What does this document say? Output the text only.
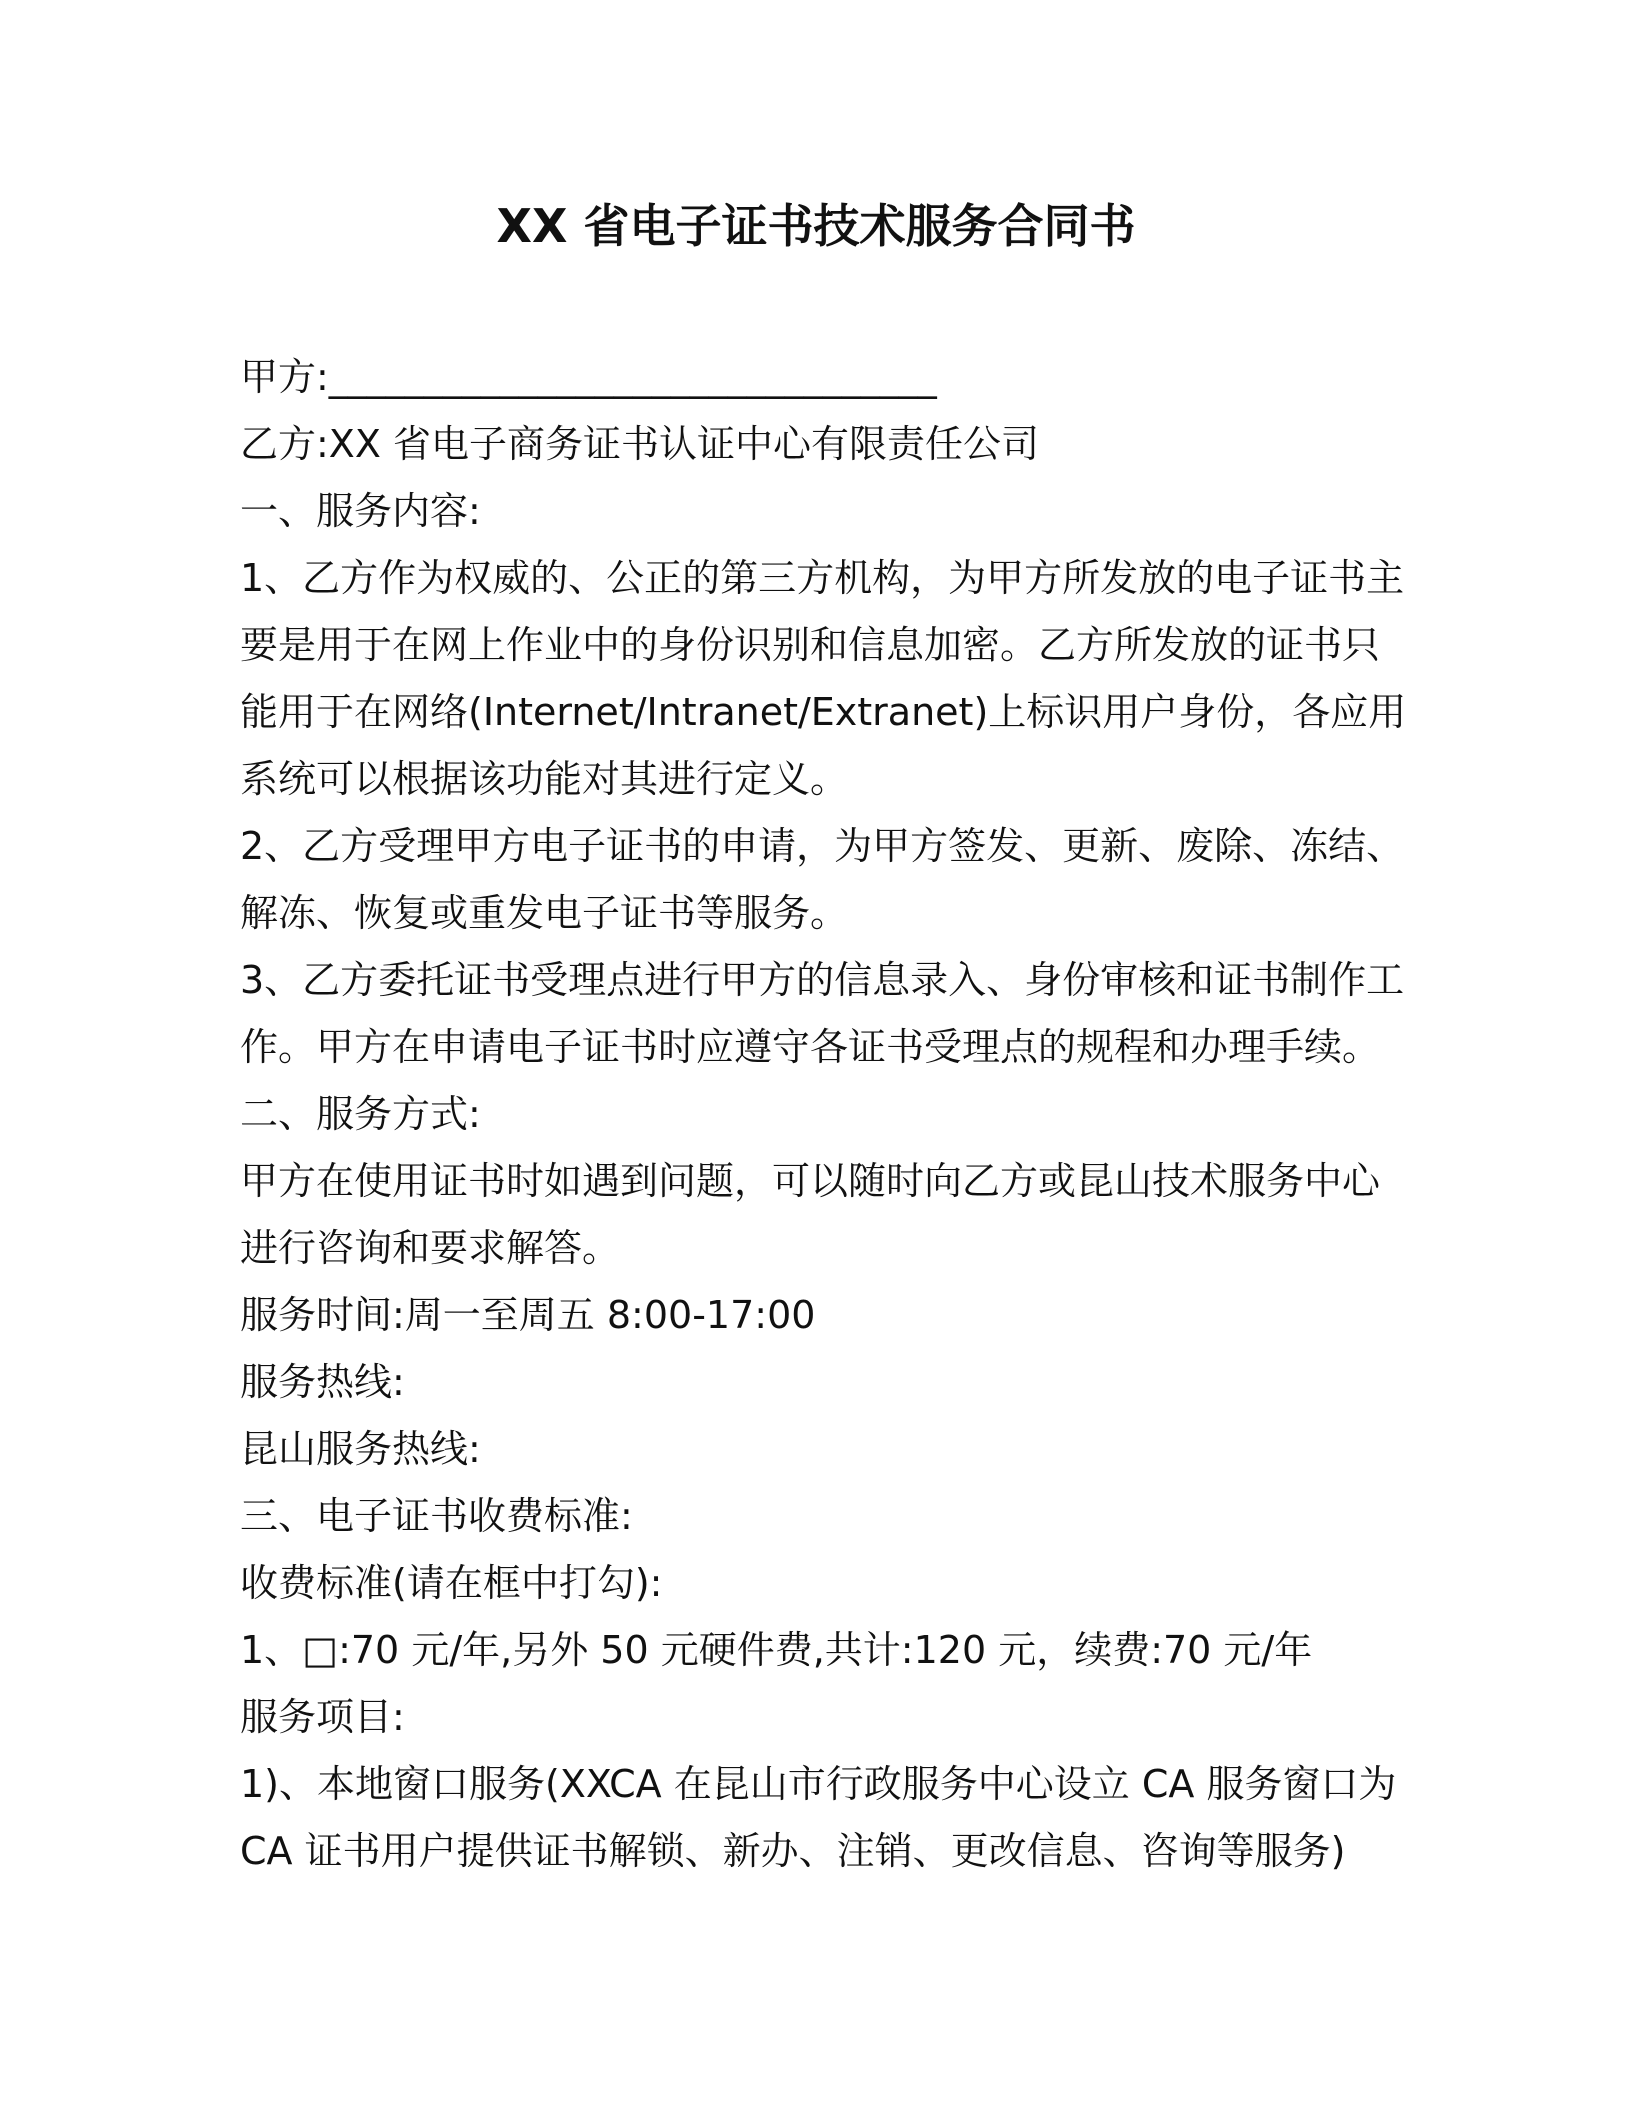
XX 省电子证书技术服务合同书
甲方:________________________________
乙方:XX 省电子商务证书认证中心有限责任公司
一、服务内容:
1、乙方作为权威的、公正的第三方机构，为甲方所发放的电子证书主
要是用于在网上作业中的身份识别和信息加密。乙方所发放的证书只
能用于在网络(Internet/Intranet/Extranet)上标识用户身份，各应用
系统可以根据该功能对其进行定义。
2、乙方受理甲方电子证书的申请，为甲方签发、更新、废除、冻结、
解冻、恢复或重发电子证书等服务。
3、乙方委托证书受理点进行甲方的信息录入、身份审核和证书制作工
作。甲方在申请电子证书时应遵守各证书受理点的规程和办理手续。
二、服务方式:
甲方在使用证书时如遇到问题，可以随时向乙方或昆山技术服务中心
进行咨询和要求解答。
服务时间:周一至周五 8:00-17:00
服务热线:
昆山服务热线:
三、电子证书收费标准:
收费标准(请在框中打勾):
1、□:70 元/年,另外 50 元硬件费,共计:120 元，续费:70 元/年
服务项目:
1)、本地窗口服务(XXCA 在昆山市行政服务中心设立 CA 服务窗口为
CA 证书用户提供证书解锁、新办、注销、更改信息、咨询等服务)
